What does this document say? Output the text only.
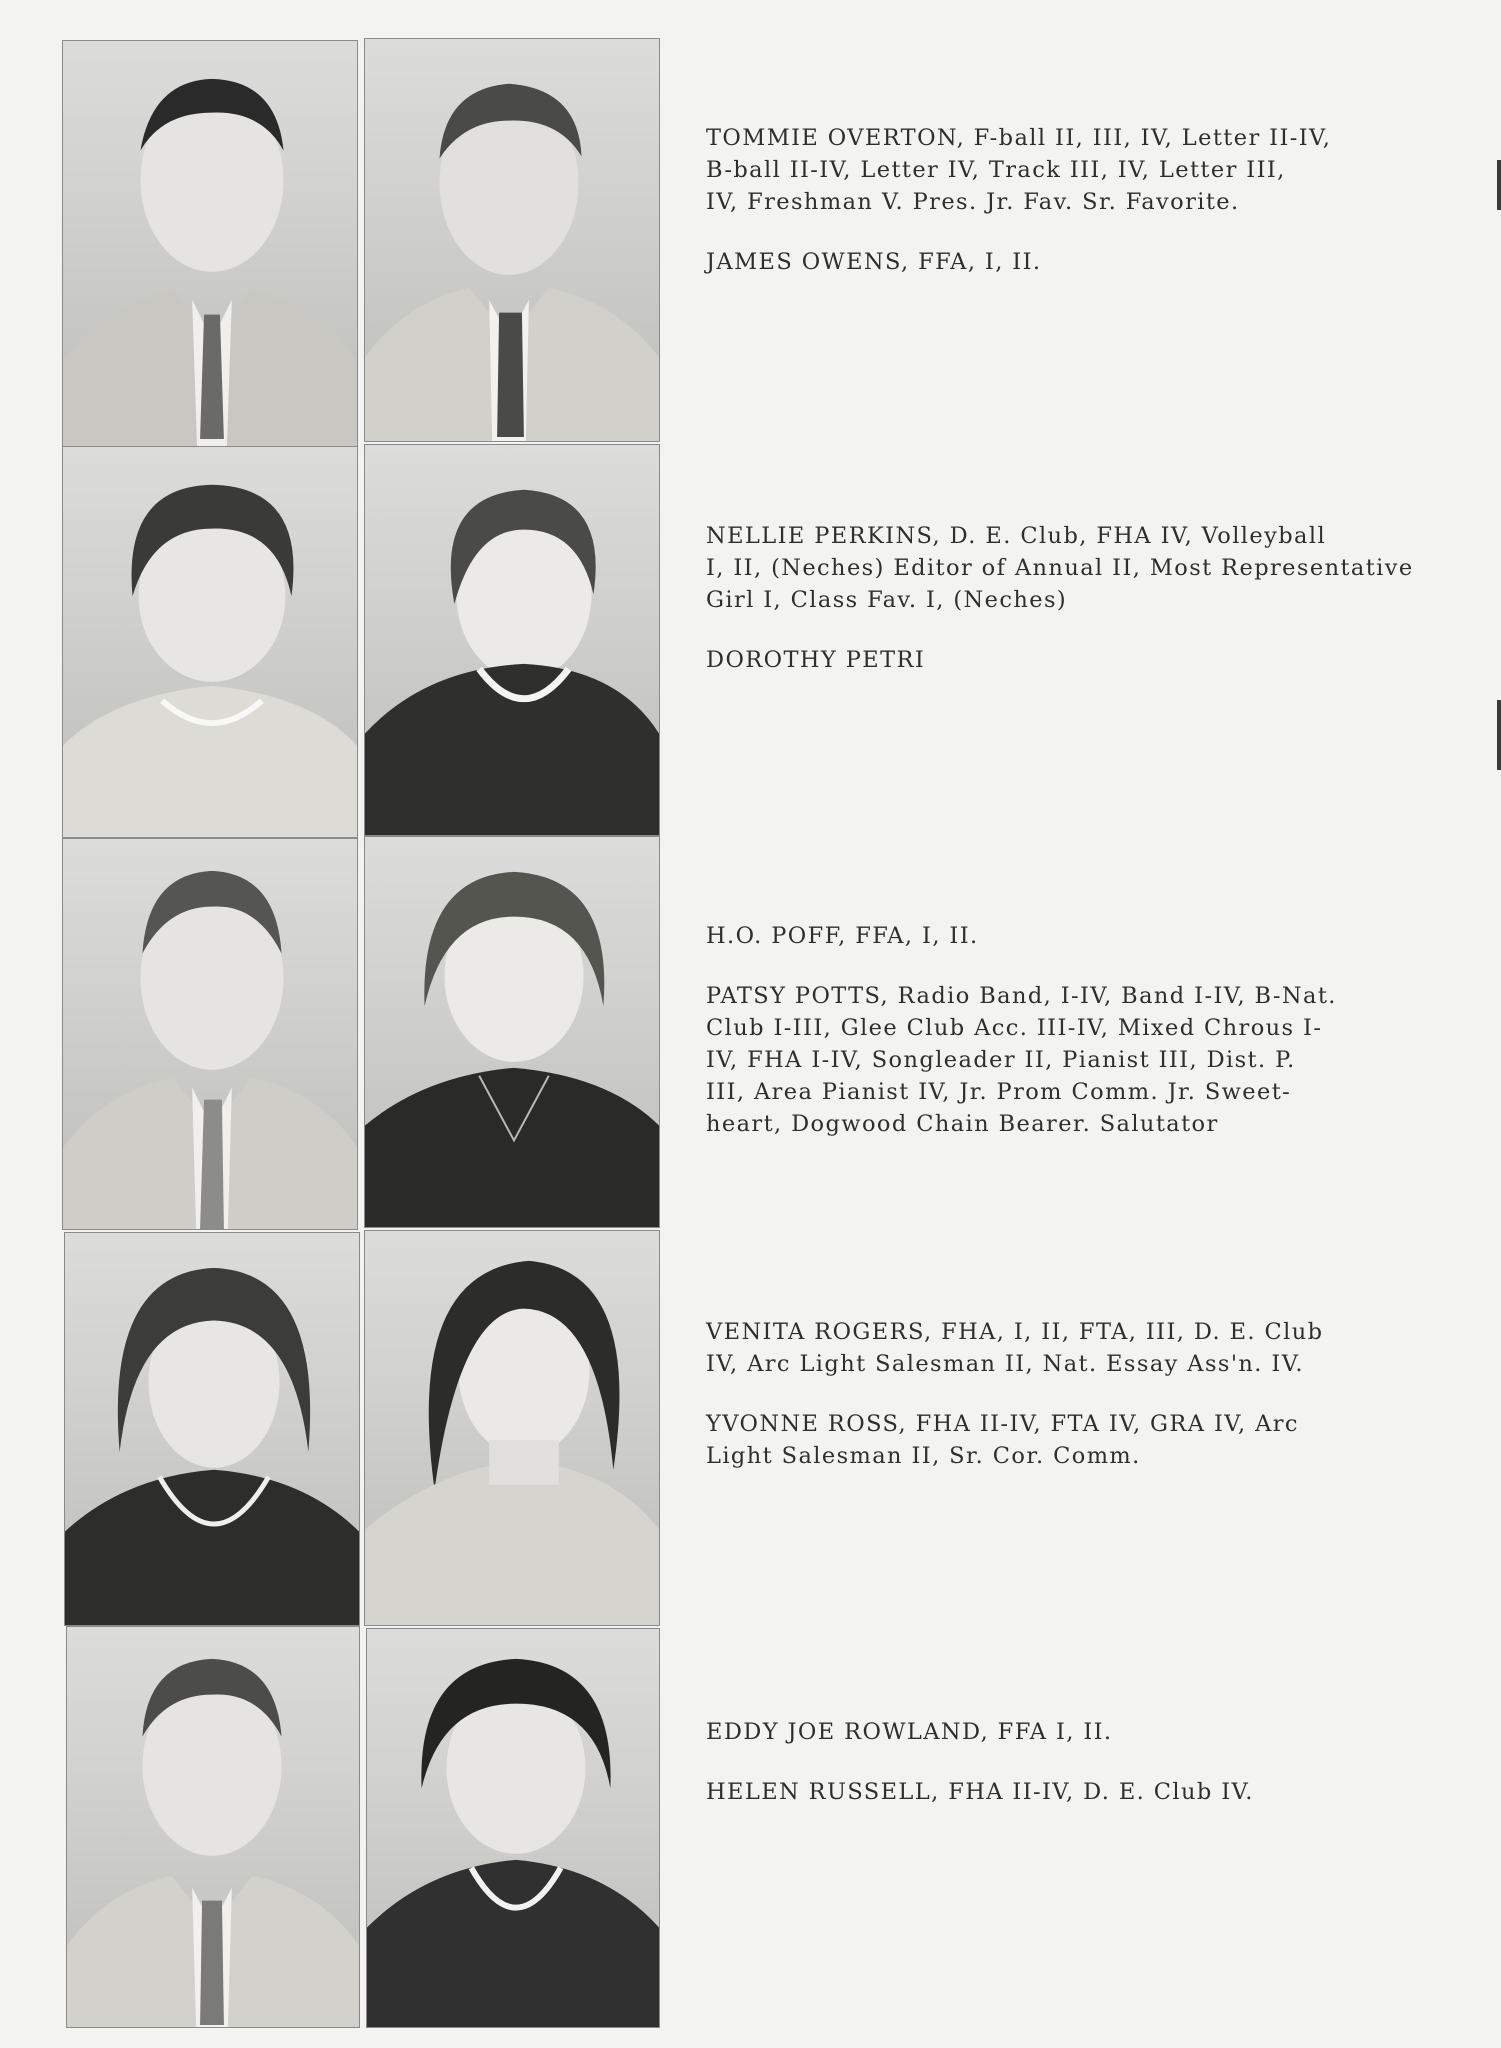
TOMMIE OVERTON, F-ball II, III, IV, Letter II-IV,
B-ball II-IV, Letter IV, Track III, IV, Letter III,
IV, Freshman V. Pres. Jr. Fav. Sr. Favorite.

JAMES OWENS, FFA, I, II.

NELLIE PERKINS, D. E. Club, FHA IV, Volleyball
I, II, (Neches) Editor of Annual II, Most Representative
Girl I, Class Fav. I, (Neches)

DOROTHY PETRI

H.O. POFF, FFA, I, II.

PATSY POTTS, Radio Band, I-IV, Band I-IV, B-Nat.
Club I-III, Glee Club Acc. III-IV, Mixed Chrous I-
IV, FHA I-IV, Songleader II, Pianist III, Dist. P.
III, Area Pianist IV, Jr. Prom Comm. Jr. Sweet-
heart, Dogwood Chain Bearer. Salutator

VENITA ROGERS, FHA, I, II, FTA, III, D. E. Club
IV, Arc Light Salesman II, Nat. Essay Ass'n. IV.

YVONNE ROSS, FHA II-IV, FTA IV, GRA IV, Arc
Light Salesman II, Sr. Cor. Comm.

EDDY JOE ROWLAND, FFA I, II.

HELEN RUSSELL, FHA II-IV, D. E. Club IV.
